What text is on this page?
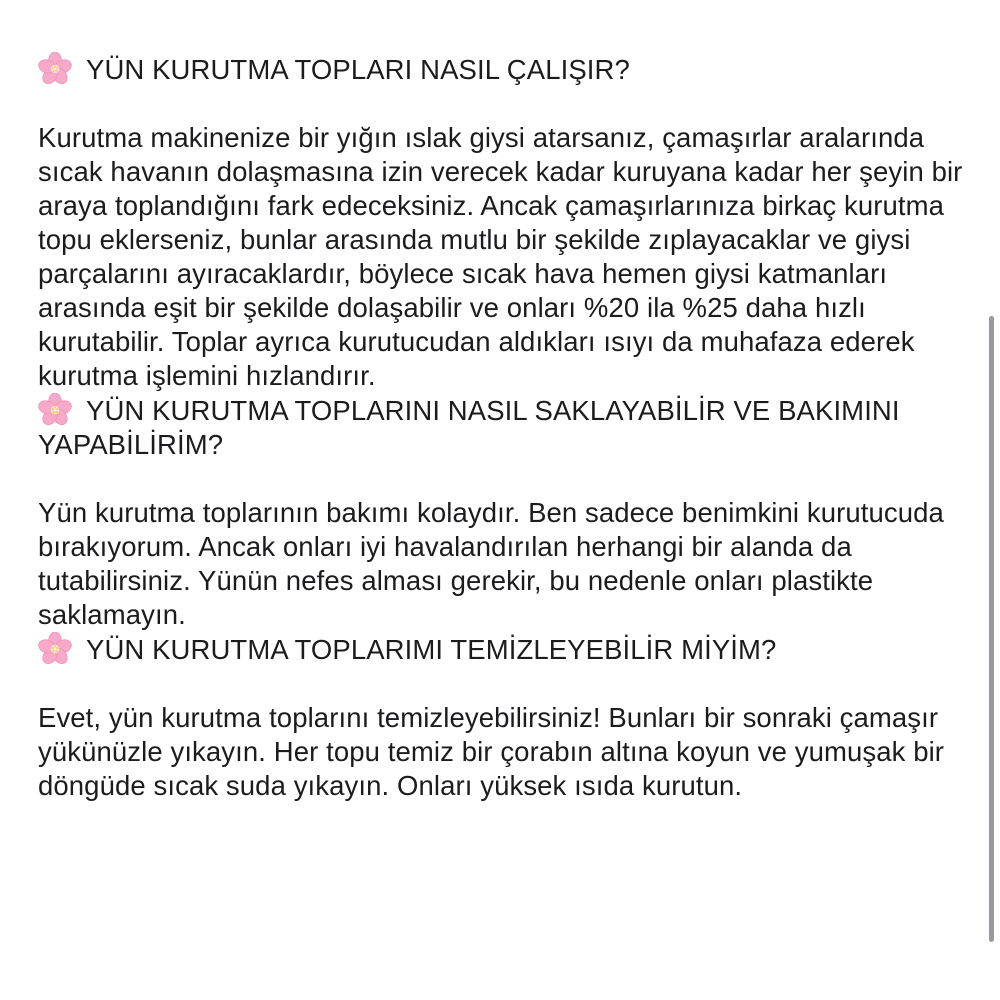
YÜN KURUTMA TOPLARI NASIL ÇALIŞIR?

Kurutma makinenize bir yığın ıslak giysi atarsanız, çamaşırlar aralarında sıcak havanın dolaşmasına izin verecek kadar kuruyana kadar her şeyin bir araya toplandığını fark edeceksiniz. Ancak çamaşırlarınıza birkaç kurutma topu eklerseniz, bunlar arasında mutlu bir şekilde zıplayacaklar ve giysi parçalarını ayıracaklardır, böylece sıcak hava hemen giysi katmanları arasında eşit bir şekilde dolaşabilir ve onları %20 ila %25 daha hızlı kurutabilir. Toplar ayrıca kurutucudan aldıkları ısıyı da muhafaza ederek kurutma işlemini hızlandırır.

YÜN KURUTMA TOPLARINI NASIL SAKLAYABİLİR VE BAKIMINI YAPABİLİRİM?

Yün kurutma toplarının bakımı kolaydır. Ben sadece benimkini kurutucuda bırakıyorum. Ancak onları iyi havalandırılan herhangi bir alanda da tutabilirsiniz. Yünün nefes alması gerekir, bu nedenle onları plastikte saklamayın.

YÜN KURUTMA TOPLARIMI TEMİZLEYEBİLİR MİYİM?

Evet, yün kurutma toplarını temizleyebilirsiniz! Bunları bir sonraki çamaşır yükünüzle yıkayın. Her topu temiz bir çorabın altına koyun ve yumuşak bir döngüde sıcak suda yıkayın. Onları yüksek ısıda kurutun.
